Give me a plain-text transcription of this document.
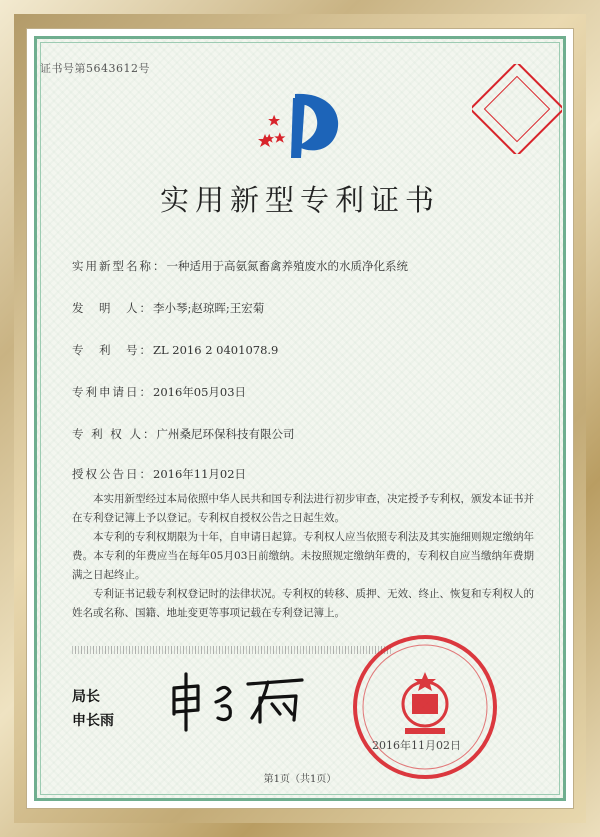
证书号第5643612号
实用新型专利证书
实用新型名称：一种适用于高氨氮畜禽养殖废水的水质净化系统
发　明　人：李小琴;赵琼晖;王宏菊
专　利　号：ZL 2016 2 0401078.9
专利申请日：2016年05月03日
专 利 权 人：广州桑尼环保科技有限公司
授权公告日：2016年11月02日

本实用新型经过本局依照中华人民共和国专利法进行初步审查，决定授予专利权，颁发本证书并在专利登记簿上予以登记。专利权自授权公告之日起生效。

本专利的专利权期限为十年，自申请日起算。专利权人应当依照专利法及其实施细则规定缴纳年费。本专利的年费应当在每年05月03日前缴纳。未按照规定缴纳年费的，专利权自应当缴纳年费期满之日起终止。

专利证书记载专利权登记时的法律状况。专利权的转移、质押、无效、终止、恢复和专利权人的姓名或名称、国籍、地址变更等事项记载在专利登记簿上。

局长
申长雨
2016年11月02日
第1页（共1页）
